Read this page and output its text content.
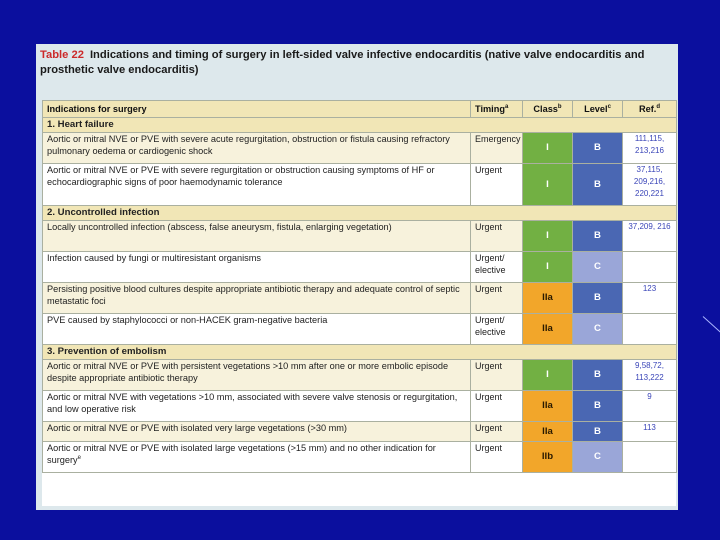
Table 22 Indications and timing of surgery in left-sided valve infective endocarditis (native valve endocarditis and prosthetic valve endocarditis)
Indications for surgery	Timing$^a$	Class$^b$	Level$^c$	Ref.$^d$
1. Heart failure				
Aortic or mitral NVE or PVE with severe acute regurgitation, obstruction or fistula causing refractory pulmonary oedema or cardiogenic shock	Emergency	I	B	111,115, 213,216
Aortic or mitral NVE or PVE with severe regurgitation or obstruction causing symptoms of HF or echocardiographic signs of poor haemodynamic tolerance	Urgent	I	B	37,115, 209,216, 220,221
2. Uncontrolled infection				
Locally uncontrolled infection (abscess, false aneurysm, fistula, enlarging vegetation)	Urgent	I	B	37,209, 216
Infection caused by fungi or multiresistant organisms	Urgent/ elective	I	C	
Persisting positive blood cultures despite appropriate antibiotic therapy and adequate control of septic metastatic foci	Urgent	IIa	B	123
PVE caused by staphylococci or non-HACEK gram-negative bacteria	Urgent/ elective	IIa	C	
3. Prevention of embolism				
Aortic or mitral NVE or PVE with persistent vegetations >10 mm after one or more embolic episode despite appropriate antibiotic therapy	Urgent	I	B	9,58,72, 113,222
Aortic or mitral NVE with vegetations >10 mm, associated with severe valve stenosis or regurgitation, and low operative risk	Urgent	IIa	B	9
Aortic or mitral NVE or PVE with isolated very large vegetations (>30 mm)	Urgent	IIa	B	113
Aortic or mitral NVE or PVE with isolated large vegetations (>15 mm) and no other indication for surgery$^e$	Urgent	IIb	C	
